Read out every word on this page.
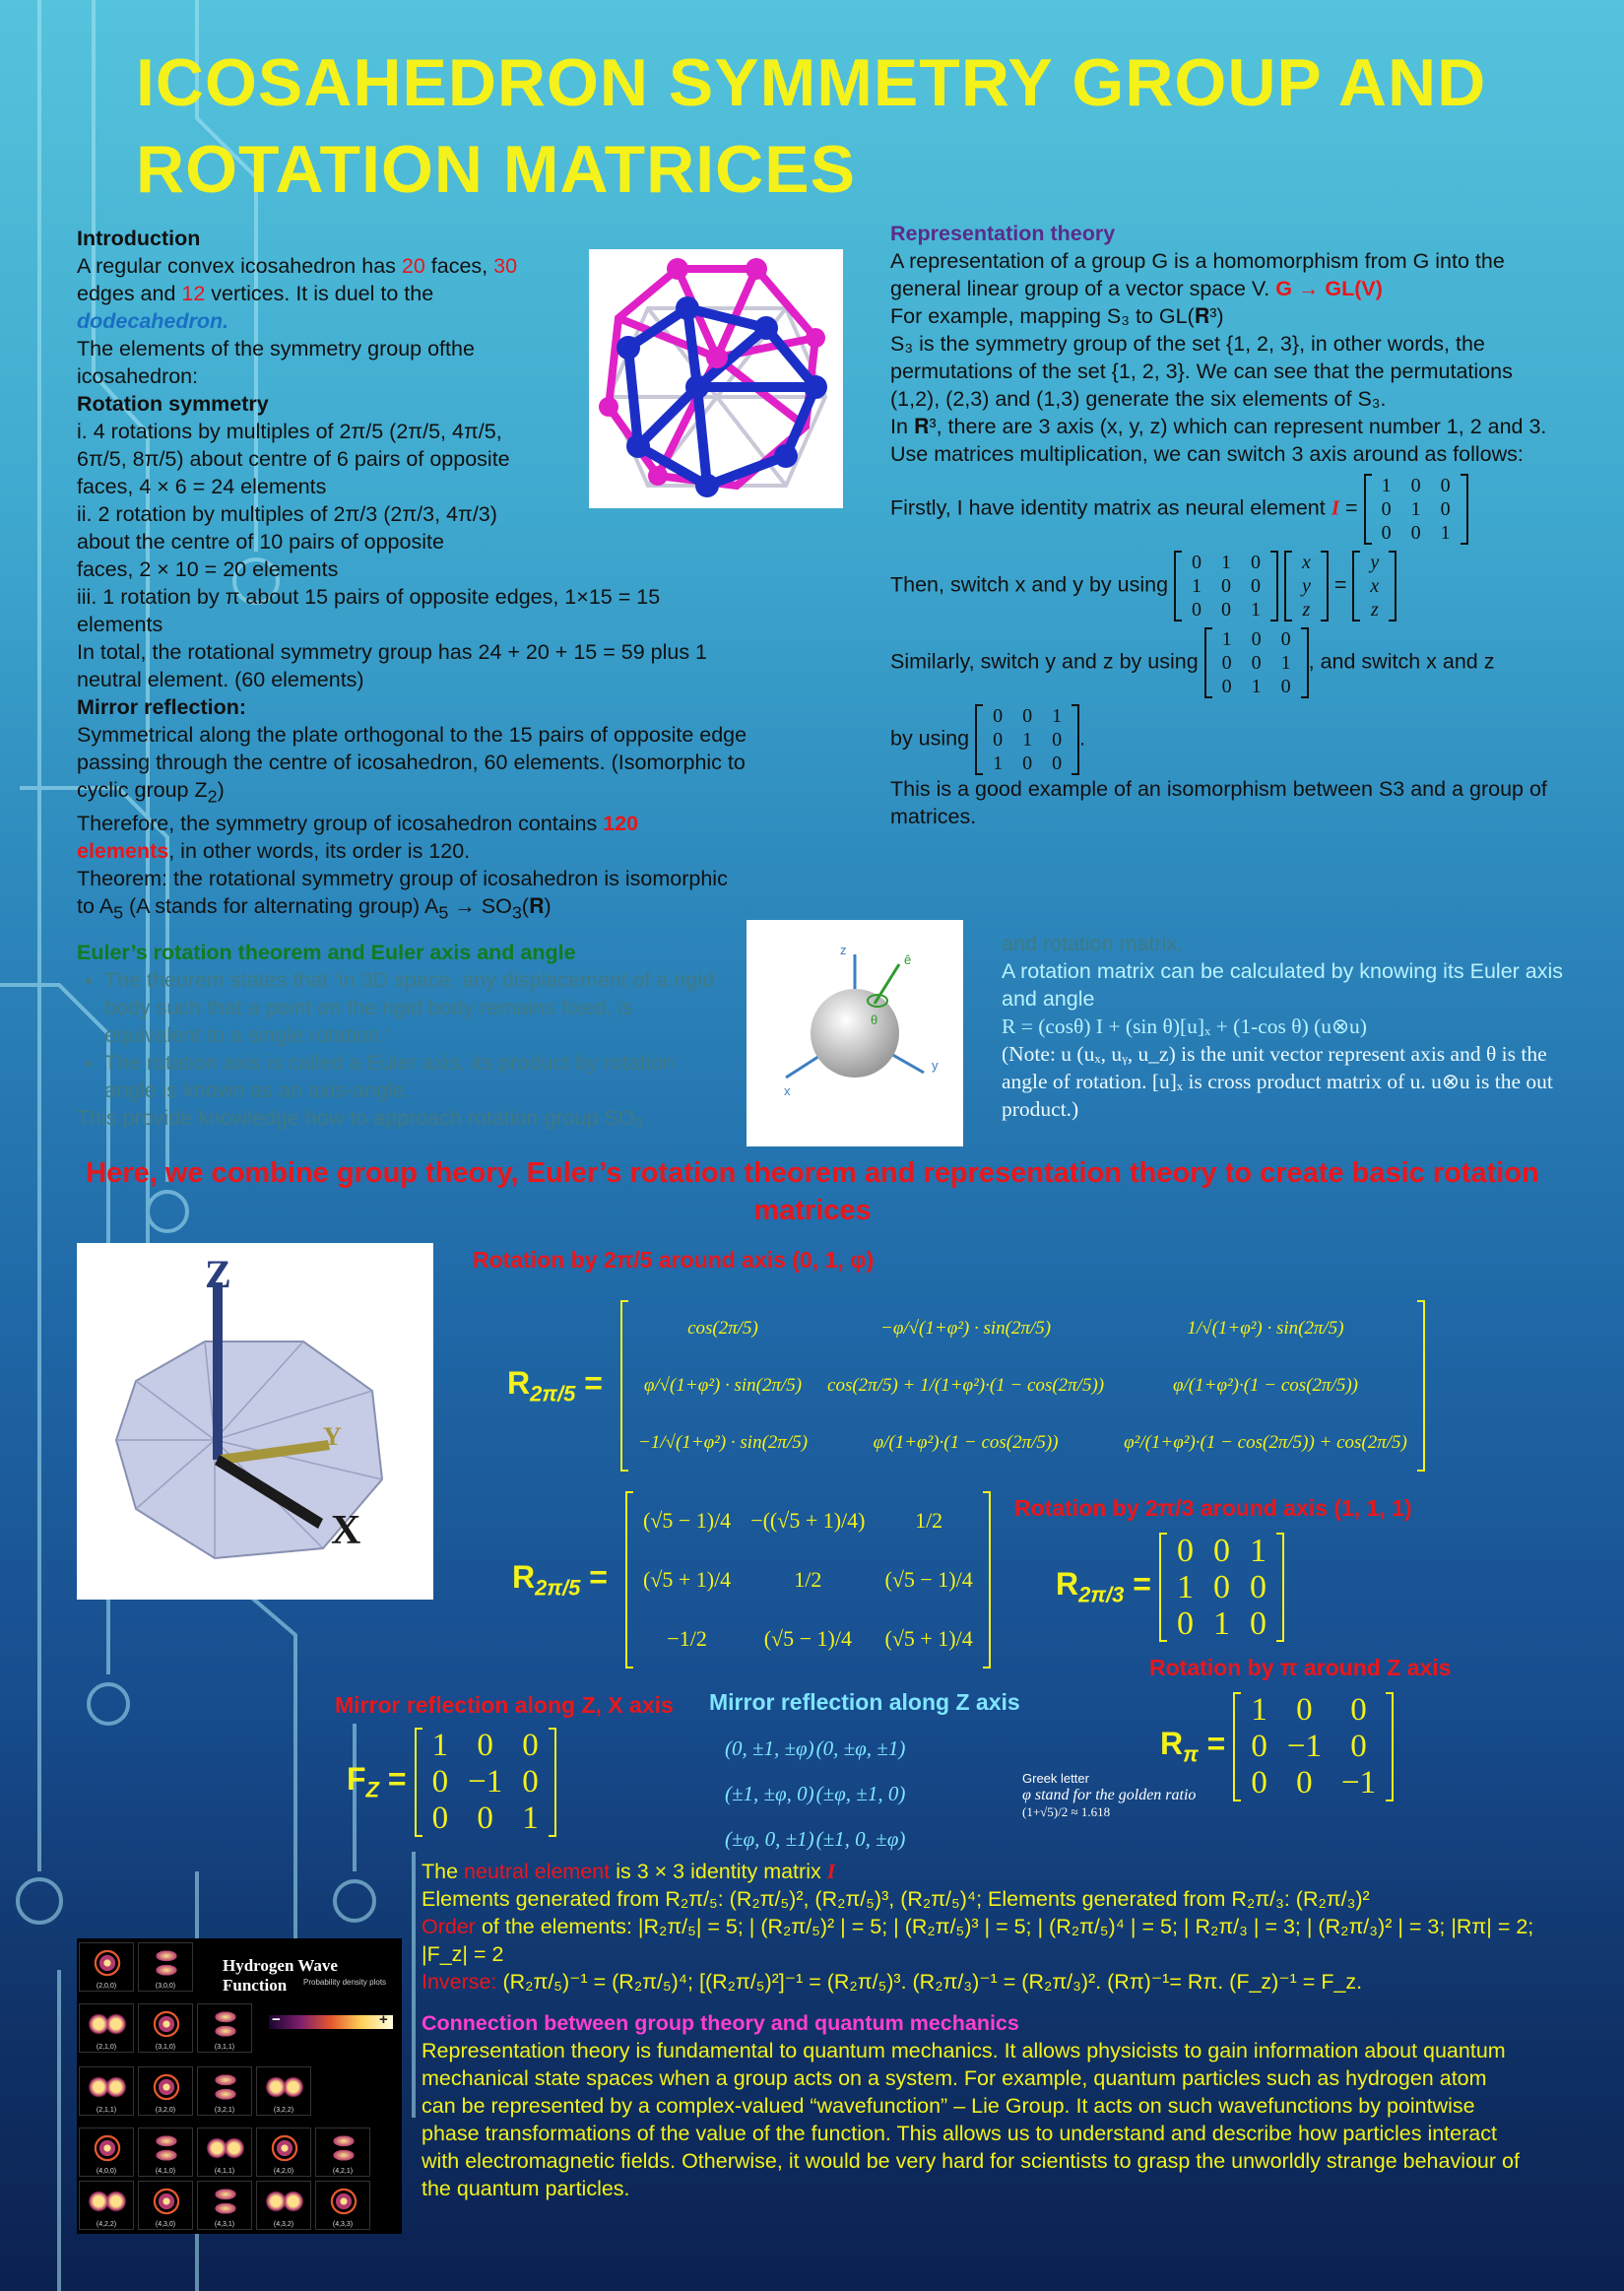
ICOSAHEDRON SYMMETRY GROUP AND ROTATION MATRICES
Introduction
A regular convex icosahedron has 20 faces, 30 edges and 12 vertices. It is duel to the
dodecahedron.
The elements of the symmetry group ofthe icosahedron:
Rotation symmetry
i. 4 rotations by multiples of 2π/5 (2π/5, 4π/5, 6π/5, 8π/5) about centre of 6 pairs of opposite faces, 4 × 6 = 24 elements
ii. 2 rotation by multiples of 2π/3 (2π/3, 4π/3) about the centre of 10 pairs of opposite faces, 2 × 10 = 20 elements
iii. 1 rotation by π about 15 pairs of opposite edges, 1×15 = 15 elements
In total, the rotational symmetry group has 24 + 20 + 15 = 59 plus 1 neutral element. (60 elements)
Mirror reflection:
Symmetrical along the plate orthogonal to the 15 pairs of opposite edge passing through the centre of icosahedron, 60 elements. (Isomorphic to cyclic group $Z_2$)
Therefore, the symmetry group of icosahedron contains 120 elements, in other words, its order is 120.
Theorem: the rotational symmetry group of icosahedron is isomorphic to $A_5$ (A stands for alternating group) $A_5$ → $SO_3(𝐑)$
Representation theory
A representation of a group G is a homomorphism from G into the general linear group of a vector space V. G → GL(V)
For example, mapping S₃ to GL(𝐑³)
S₃ is the symmetry group of the set {1, 2, 3}, in other words, the permutations of the set {1, 2, 3}. We can see that the permutations (1,2), (2,3) and (1,3) generate the six elements of S₃.
In 𝐑³, there are 3 axis (x, y, z) which can represent number 1, 2 and 3.
Use matrices multiplication, we can switch 3 axis around as follows:
Firstly, I have identity matrix as neural element I =
1	0	0
0	1	0
0	0	1
Then, switch x and y by using
0	1	0
1	0	0
0	0	1

x
y
z
=
y
x
z
Similarly, switch y and z by using
1	0	0
0	0	1
0	1	0
, and switch x and z
by using
0	0	1
0	1	0
1	0	0
.
This is a good example of an isomorphism between S3 and a group of matrices.
Euler’s rotation theorem and Euler axis and angle
• The theorem states that ‘in 3D space, any displacement of a rigid body such that a point on the rigid body remains fixed, is equivalent to a single rotation.’
• The rotation axis is called a Euler axis, its product by rotation angle is known as an axis-angle.
This provide knowledge how to approach rotation group SO₃
z
x
y
θ
ê
and rotation matrix.
A rotation matrix can be calculated by knowing its Euler axis and angle
R = (cosθ) I + (sin θ)[u]ₓ + (1-cos θ) (u⊗u)
(Note: u (uₓ, uᵧ, u_z) is the unit vector represent axis and θ is the angle of rotation. [u]ₓ is cross product matrix of u. u⊗u is the out product.)
Here, we combine group theory, Euler’s rotation theorem and representation theory to create basic rotation matrices
Z
Y
X
Rotation by 2π/5 around axis (0, 1, φ)
$R_{2\pi/5}$ =
cos(2π/5)	−φ/√(1+φ²) · sin(2π/5)	1/√(1+φ²) · sin(2π/5)
φ/√(1+φ²) · sin(2π/5)	cos(2π/5) + 1/(1+φ²)·(1 − cos(2π/5))	φ/(1+φ²)·(1 − cos(2π/5))
−1/√(1+φ²) · sin(2π/5)	φ/(1+φ²)·(1 − cos(2π/5))	φ²/(1+φ²)·(1 − cos(2π/5)) + cos(2π/5)
$R_{2\pi/5}$ =
(√5 − 1)/4	−((√5 + 1)/4)	1/2
(√5 + 1)/4	1/2	(√5 − 1)/4
−1/2	(√5 − 1)/4	(√5 + 1)/4
Rotation by 2π/3 around axis (1, 1, 1)
$R_{2\pi/3}$ =
0	0	1
1	0	0
0	1	0
Rotation by π around Z axis
$R_\pi$ =
1	0	0
0	−1	0
0	0	−1
Mirror reflection along Z, X axis
$F_Z$ =
1	0	0
0	−1	0
0	0	1
Mirror reflection along Z axis
(0, ±1, ±φ)	(0, ±φ, ±1)
(±1, ±φ, 0)	(±φ, ±1, 0)
(±φ, 0, ±1)	(±1, 0, ±φ)
Greek letter
φ stand for the golden ratio
(1+√5)/2 ≈ 1.618
The neutral element is 3 × 3 identity matrix I
Elements generated from R₂π/₅: (R₂π/₅)², (R₂π/₅)³, (R₂π/₅)⁴; Elements generated from R₂π/₃: (R₂π/₃)²
Order of the elements: |R₂π/₅| = 5; | (R₂π/₅)² | = 5; | (R₂π/₅)³ | = 5; | (R₂π/₅)⁴ | = 5; | R₂π/₃ | = 3; | (R₂π/₃)² | = 3; |Rπ| = 2; |F_z| = 2
Inverse: (R₂π/₅)⁻¹ = (R₂π/₅)⁴; [(R₂π/₅)²]⁻¹ = (R₂π/₅)³. (R₂π/₃)⁻¹ = (R₂π/₃)². (Rπ)⁻¹= Rπ. (F_z)⁻¹ = F_z.
Connection between group theory and quantum mechanics
Representation theory is fundamental to quantum mechanics. It allows physicists to gain information about quantum mechanical state spaces when a group acts on a system. For example, quantum particles such as hydrogen atom can be represented by a complex-valued “wavefunction” – Lie Group. It acts on such wavefunctions by pointwise phase transformations of the value of the function. This allows us to understand and describe how particles interact with electromagnetic fields. Otherwise, it would be very hard for scientists to grasp the unworldly strange behaviour of the quantum particles.
Hydrogen Wave Function	Probability density plots
−	+
(2,0,0)	(3,0,0)
(2,1,0)	(3,1,0)	(3,1,1)
(2,1,1)	(3,2,0)	(3,2,1)	(3,2,2)
(4,0,0)	(4,1,0)	(4,1,1)	(4,2,0)	(4,2,1)
(4,2,2)	(4,3,0)	(4,3,1)	(4,3,2)	(4,3,3)
